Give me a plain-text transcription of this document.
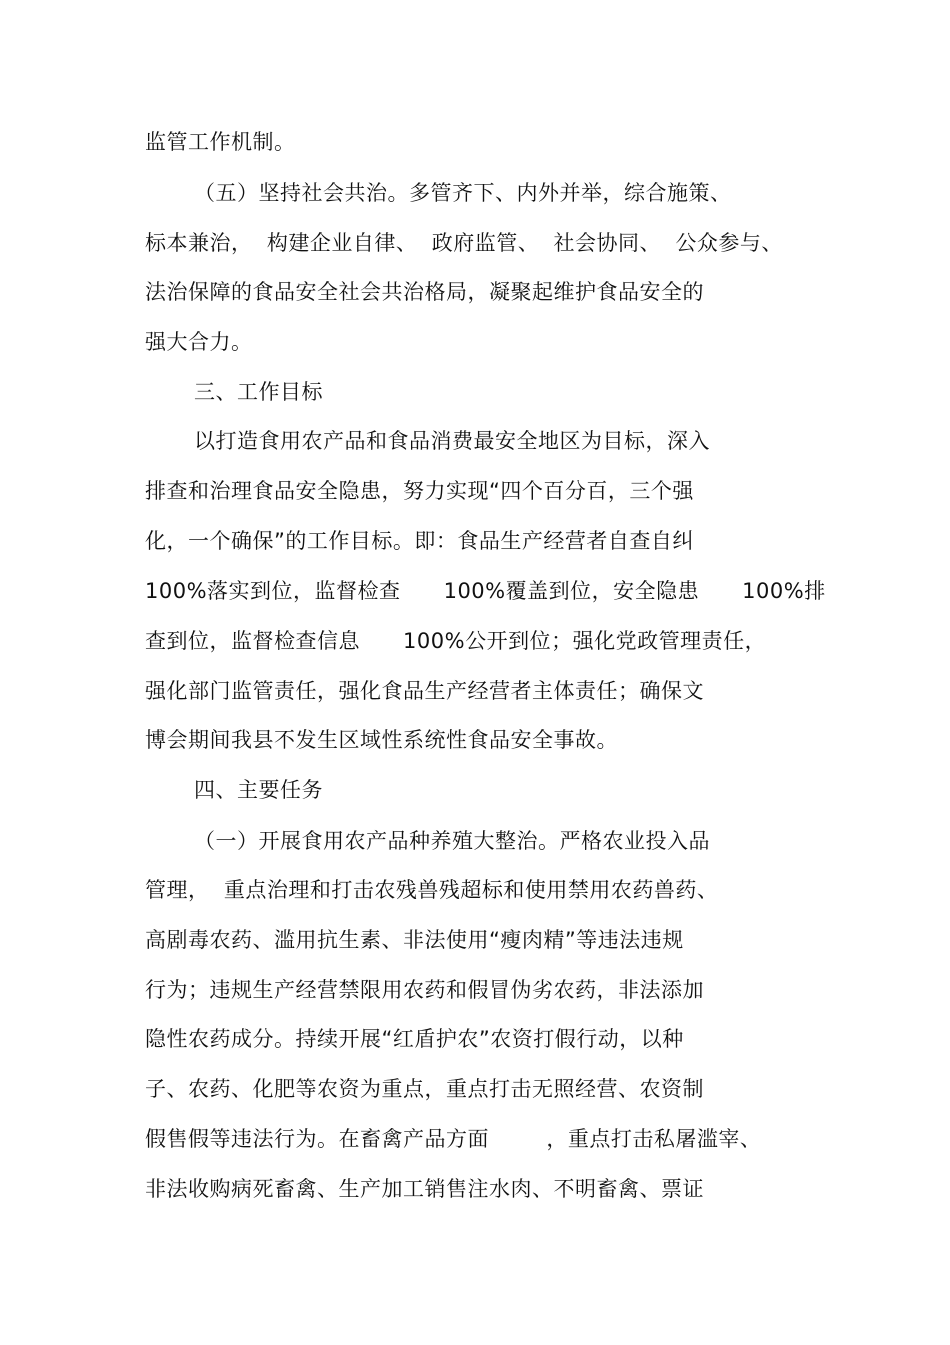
监管工作机制。
（五）坚持社会共治。多管齐下、内外并举，综合施策、
标本兼治，  构建企业自律、  政府监管、  社会协同、  公众参与、
法治保障的食品安全社会共治格局，凝聚起维护食品安全的
强大合力。
三、工作目标
以打造食用农产品和食品消费最安全地区为目标，深入
排查和治理食品安全隐患，努力实现“四个百分百，三个强
化，一个确保”的工作目标。即：食品生产经营者自查自纠
100%落实到位，监督检查      100%覆盖到位，安全隐患      100%排
查到位，监督检查信息      100%公开到位；强化党政管理责任，
强化部门监管责任，强化食品生产经营者主体责任；确保文
博会期间我县不发生区域性系统性食品安全事故。
四、主要任务
（一）开展食用农产品种养殖大整治。严格农业投入品
管理，  重点治理和打击农残兽残超标和使用禁用农药兽药、
高剧毒农药、滥用抗生素、非法使用“瘦肉精”等违法违规
行为；违规生产经营禁限用农药和假冒伪劣农药，非法添加
隐性农药成分。持续开展“红盾护农”农资打假行动，以种
子、农药、化肥等农资为重点，重点打击无照经营、农资制
假售假等违法行为。在畜禽产品方面        ，重点打击私屠滥宰、
非法收购病死畜禽、生产加工销售注水肉、不明畜禽、票证
